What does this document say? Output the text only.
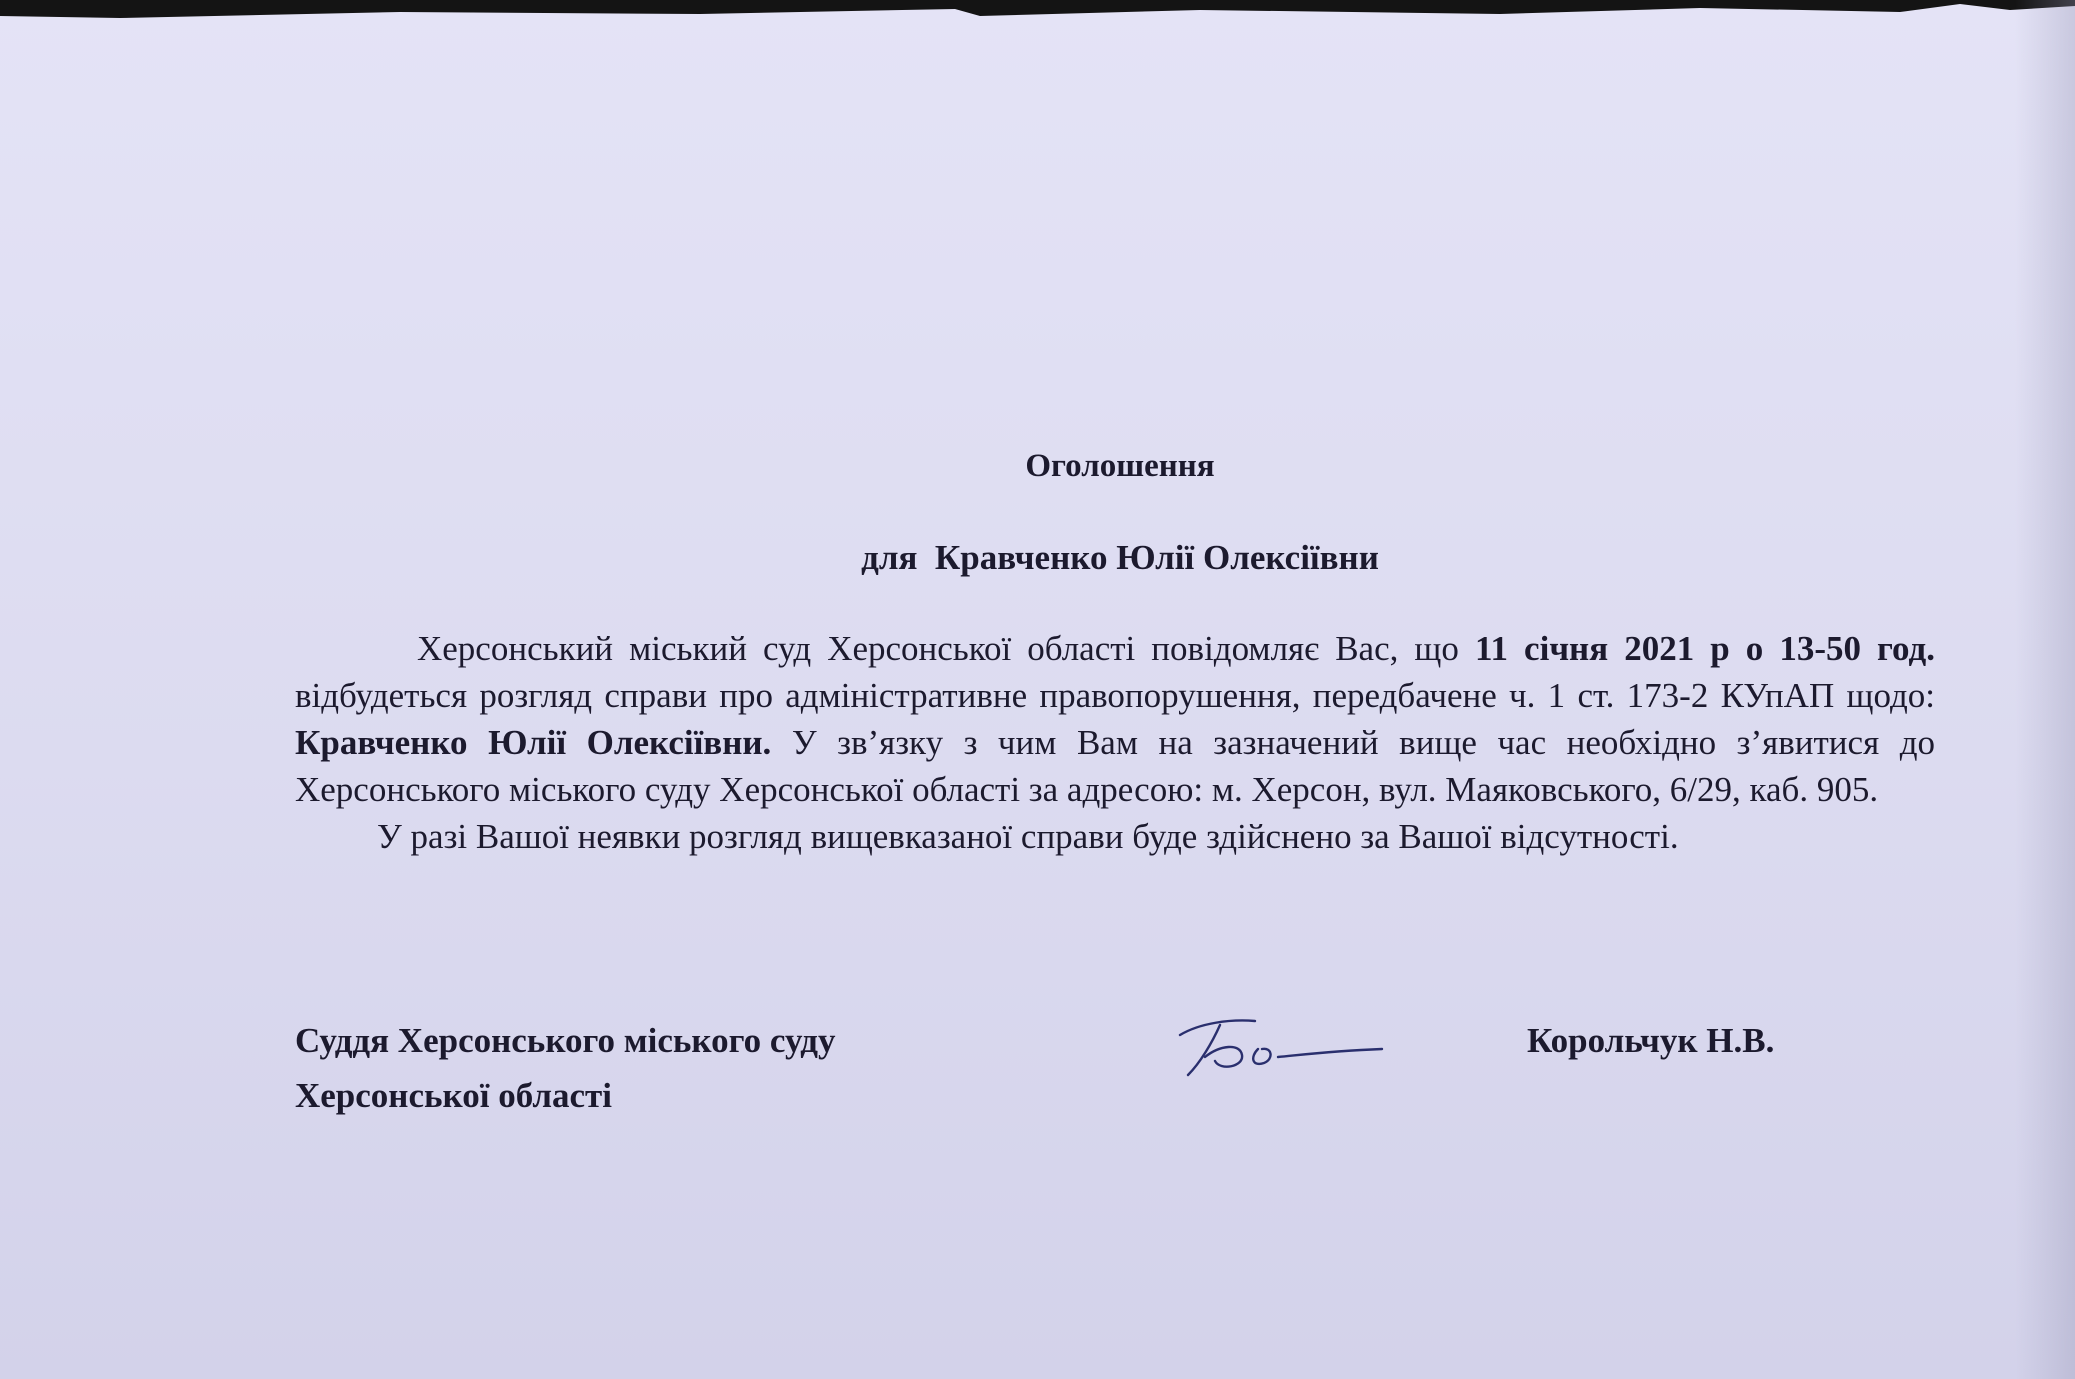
Оголошення
для  Кравченко Юлії Олексіївни

Херсонський міський суд Херсонської області повідомляє Вас, що 11 січня 2021 р о 13-50 год. відбудеться розгляд справи про адміністративне правопорушення, передбачене ч. 1 ст. 173-2 КУпАП щодо: Кравченко Юлії Олексіївни. У зв’язку з чим Вам на зазначений вище час необхідно з’явитися до Херсонського міського суду Херсонської області за адресою: м. Херсон, вул. Маяковського, 6/29, каб. 905.

У разі Вашої неявки розгляд вищевказаної справи буде здійснено за Вашої відсутності.

Суддя Херсонського міського суду
Херсонської області
Корольчук Н.В.
